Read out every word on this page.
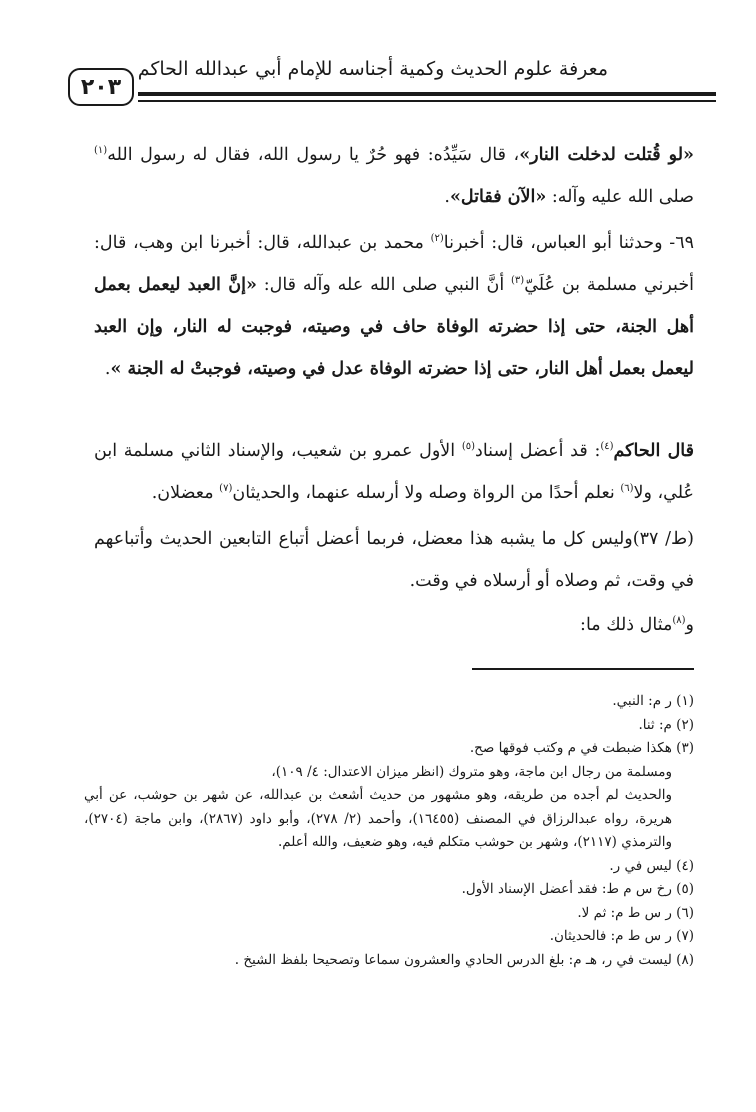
معرفة علوم الحديث وكمية أجناسه للإمام أبي عبدالله الحاكم
٢٠٣

«لو قُتلت لدخلت النار»، قال سَيِّدُه: فهو حُرٌ يا رسول الله، فقال له رسول الله$^{(١)}$ صلى الله عليه وآله: «الآن فقاتل».

٦٩- وحدثنا أبو العباس، قال: أخبرنا$^{(٢)}$ محمد بن عبدالله، قال: أخبرنا ابن وهب، قال: أخبرني مسلمة بن عُلَيّ$^{(٣)}$ أنَّ النبي صلى الله عله وآله قال: «إنَّ العبد ليعمل بعمل أهل الجنة، حتى إذا حضرته الوفاة حاف في وصيته، فوجبت له النار، وإن العبد ليعمل بعمل أهل النار، حتى إذا حضرته الوفاة عدل في وصيته، فوجبتْ له الجنة ».

قال الحاكم$^{(٤)}$: قد أعضل إسناد$^{(٥)}$ الأول عمرو بن شعيب، والإسناد الثاني مسلمة ابن عُلي، ولا$^{(٦)}$ نعلم أحدًا من الرواة وصله ولا أرسله عنهما، والحديثان$^{(٧)}$ معضلان.

(ط/ ٣٧)وليس كل ما يشبه هذا معضل، فربما أعضل أتباع التابعين الحديث وأتباعهم في وقت، ثم وصلاه أو أرسلاه في وقت.

و$^{(٨)}$مثال ذلك ما:

(١) ر م: النبي.
(٢) م: ثنا.
(٣) هكذا ضبطت في م وكتب فوقها صح.
ومسلمة من رجال ابن ماجة، وهو متروك (انظر ميزان الاعتدال: ٤/ ١٠٩)،
والحديث لم أجده من طريقه، وهو مشهور من حديث أشعث بن عبدالله، عن شهر بن حوشب، عن أبي هريرة، رواه عبدالرزاق في المصنف (١٦٤٥٥)، وأحمد (٢/ ٢٧٨)، وأبو داود (٢٨٦٧)، وابن ماجة (٢٧٠٤)، والترمذي (٢١١٧)، وشهر بن حوشب متكلم فيه، وهو ضعيف، والله أعلم.
(٤) ليس في ر.
(٥) رخ س م ط: فقد أعضل الإسناد الأول.
(٦) ر س ط م: ثم لا.
(٧) ر س ط م: فالحديثان.
(٨) ليست في ر، هـ م: بلغ الدرس الحادي والعشرون سماعا وتصحيحا بلفظ الشيخ .
